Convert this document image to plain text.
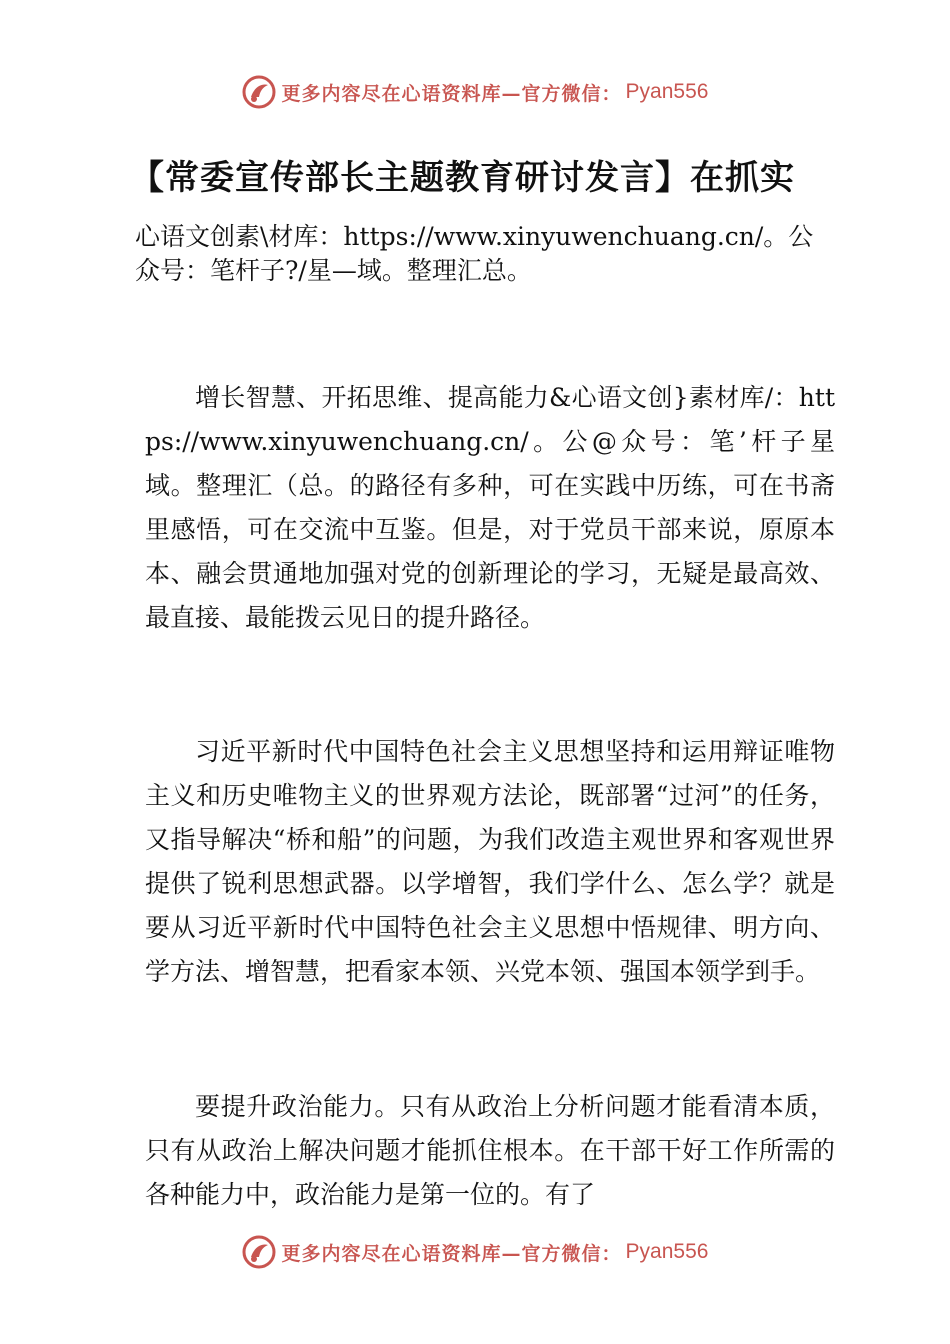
更多内容尽在心语资料库—官方微信： Pyan556
【常委宣传部长主题教育研讨发言】在抓实

心语文创素\材库：https://www.xinyuwenchuang.cn/。公众号：笔杆子?/星—域。整理汇总。

增长智慧、开拓思维、提高能力&心语文创}素材库/：https://www.xinyuwenchuang.cn/。公@众号：笔’杆子星域。整理汇（总。的路径有多种，可在实践中历练，可在书斋里感悟，可在交流中互鉴。但是，对于党员干部来说，原原本本、融会贯通地加强对党的创新理论的学习，无疑是最高效、最直接、最能拨云见日的提升路径。

习近平新时代中国特色社会主义思想坚持和运用辩证唯物主义和历史唯物主义的世界观方法论，既部署“过河”的任务，又指导解决“桥和船”的问题，为我们改造主观世界和客观世界提供了锐利思想武器。以学增智，我们学什么、怎么学？就是要从习近平新时代中国特色社会主义思想中悟规律、明方向、学方法、增智慧，把看家本领、兴党本领、强国本领学到手。

要提升政治能力。只有从政治上分析问题才能看清本质，只有从政治上解决问题才能抓住根本。在干部干好工作所需的各种能力中，政治能力是第一位的。有了

更多内容尽在心语资料库—官方微信： Pyan556
